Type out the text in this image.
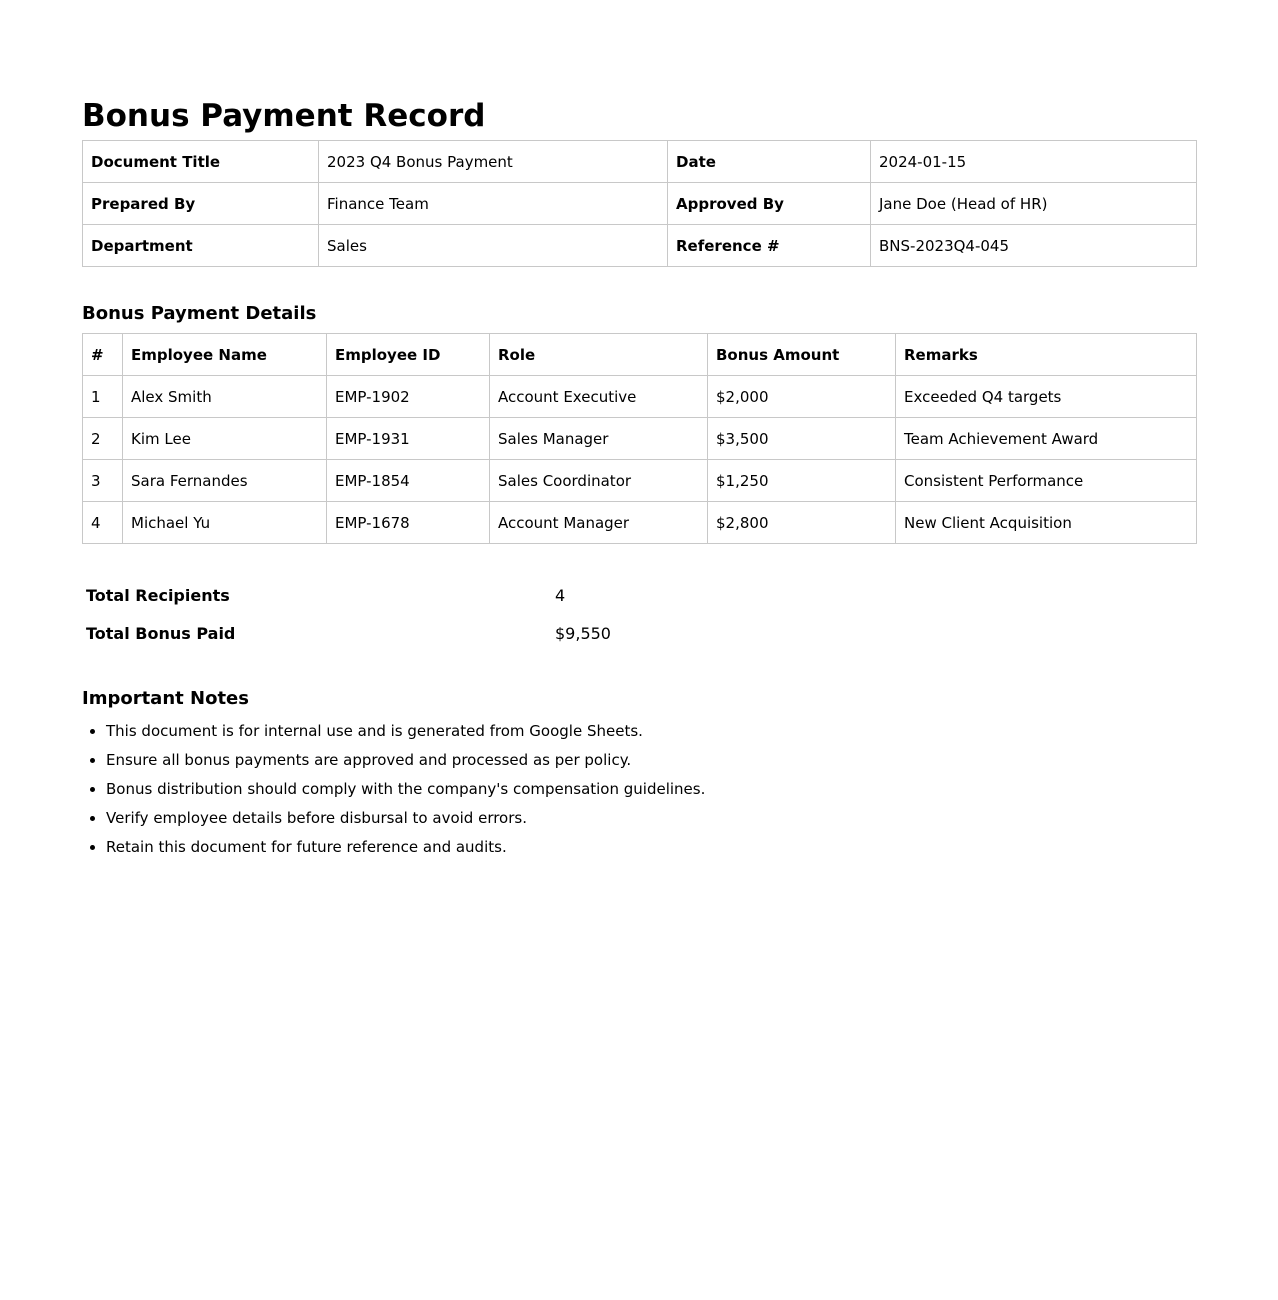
Bonus Payment Record
Document Title	2023 Q4 Bonus Payment	Date	2024-01-15
Prepared By	Finance Team	Approved By	Jane Doe (Head of HR)
Department	Sales	Reference #	BNS-2023Q4-045
Bonus Payment Details
#	Employee Name	Employee ID	Role	Bonus Amount	Remarks
1	Alex Smith	EMP-1902	Account Executive	$2,000	Exceeded Q4 targets
2	Kim Lee	EMP-1931	Sales Manager	$3,500	Team Achievement Award
3	Sara Fernandes	EMP-1854	Sales Coordinator	$1,250	Consistent Performance
4	Michael Yu	EMP-1678	Account Manager	$2,800	New Client Acquisition
Total Recipients	4
Total Bonus Paid	$9,550
Important Notes
• This document is for internal use and is generated from Google Sheets.
• Ensure all bonus payments are approved and processed as per policy.
• Bonus distribution should comply with the company's compensation guidelines.
• Verify employee details before disbursal to avoid errors.
• Retain this document for future reference and audits.
